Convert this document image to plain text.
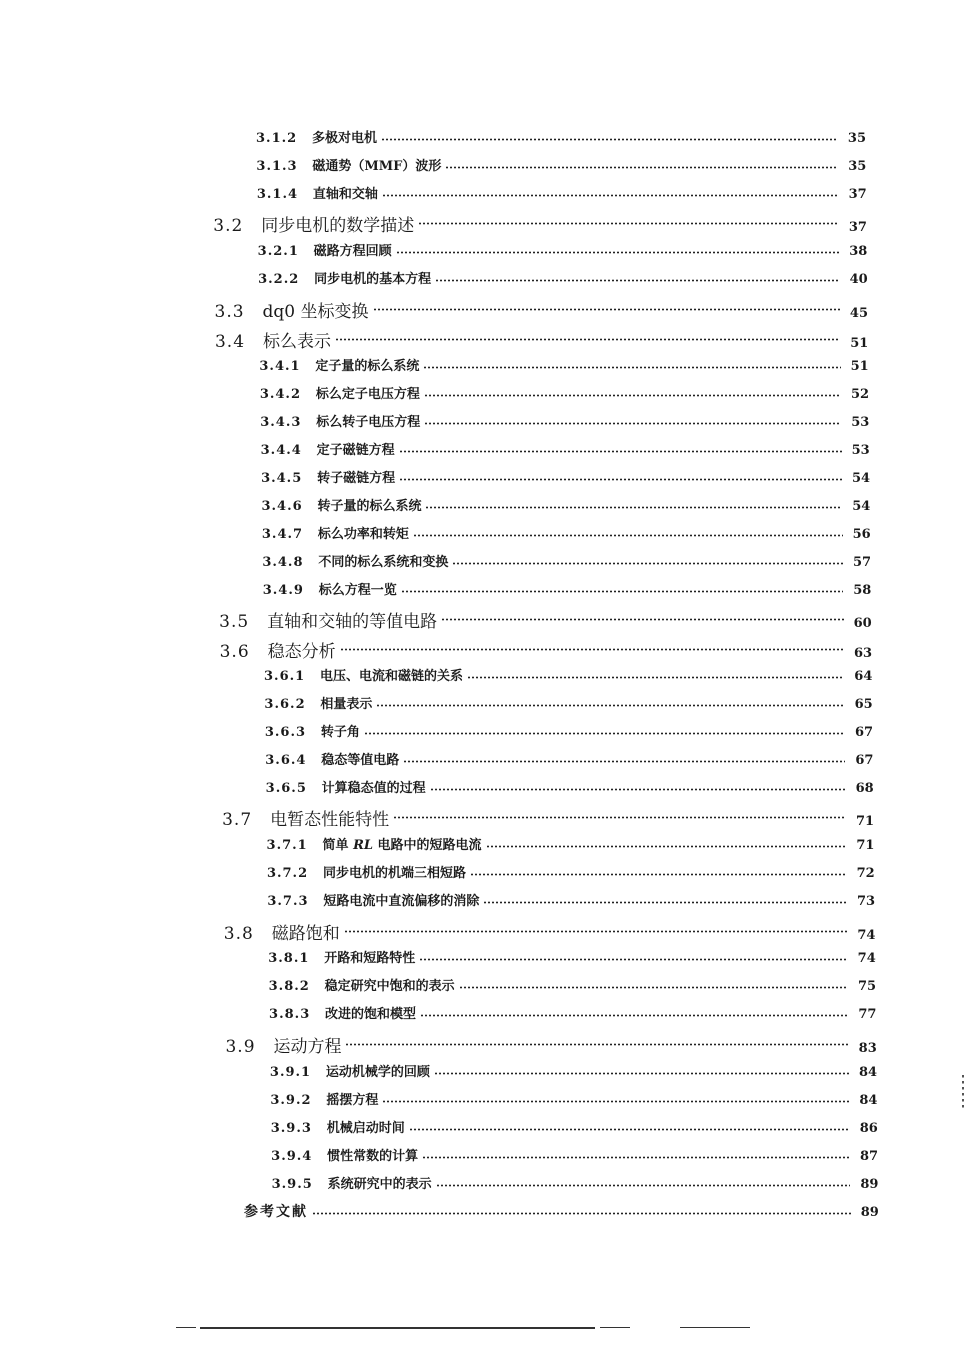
3.1.2	多极对电机	35
3.1.3	磁通势（MMF）波形	35
3.1.4	直轴和交轴	37
3.2	同步电机的数学描述	37
3.2.1	磁路方程回顾	38
3.2.2	同步电机的基本方程	40
3.3	dq0 坐标变换	45
3.4	标么表示	51
3.4.1	定子量的标么系统	51
3.4.2	标么定子电压方程	52
3.4.3	标么转子电压方程	53
3.4.4	定子磁链方程	53
3.4.5	转子磁链方程	54
3.4.6	转子量的标么系统	54
3.4.7	标么功率和转矩	56
3.4.8	不同的标么系统和变换	57
3.4.9	标么方程一览	58
3.5	直轴和交轴的等值电路	60
3.6	稳态分析	63
3.6.1	电压、电流和磁链的关系	64
3.6.2	相量表示	65
3.6.3	转子角	67
3.6.4	稳态等值电路	67
3.6.5	计算稳态值的过程	68
3.7	电暂态性能特性	71
3.7.1	简单 RL 电路中的短路电流	71
3.7.2	同步电机的机端三相短路	72
3.7.3	短路电流中直流偏移的消除	73
3.8	磁路饱和	74
3.8.1	开路和短路特性	74
3.8.2	稳定研究中饱和的表示	75
3.8.3	改进的饱和模型	77
3.9	运动方程	83
3.9.1	运动机械学的回顾	84
3.9.2	摇摆方程	84
3.9.3	机械启动时间	86
3.9.4	惯性常数的计算	87
3.9.5	系统研究中的表示	89
参考文献	89
